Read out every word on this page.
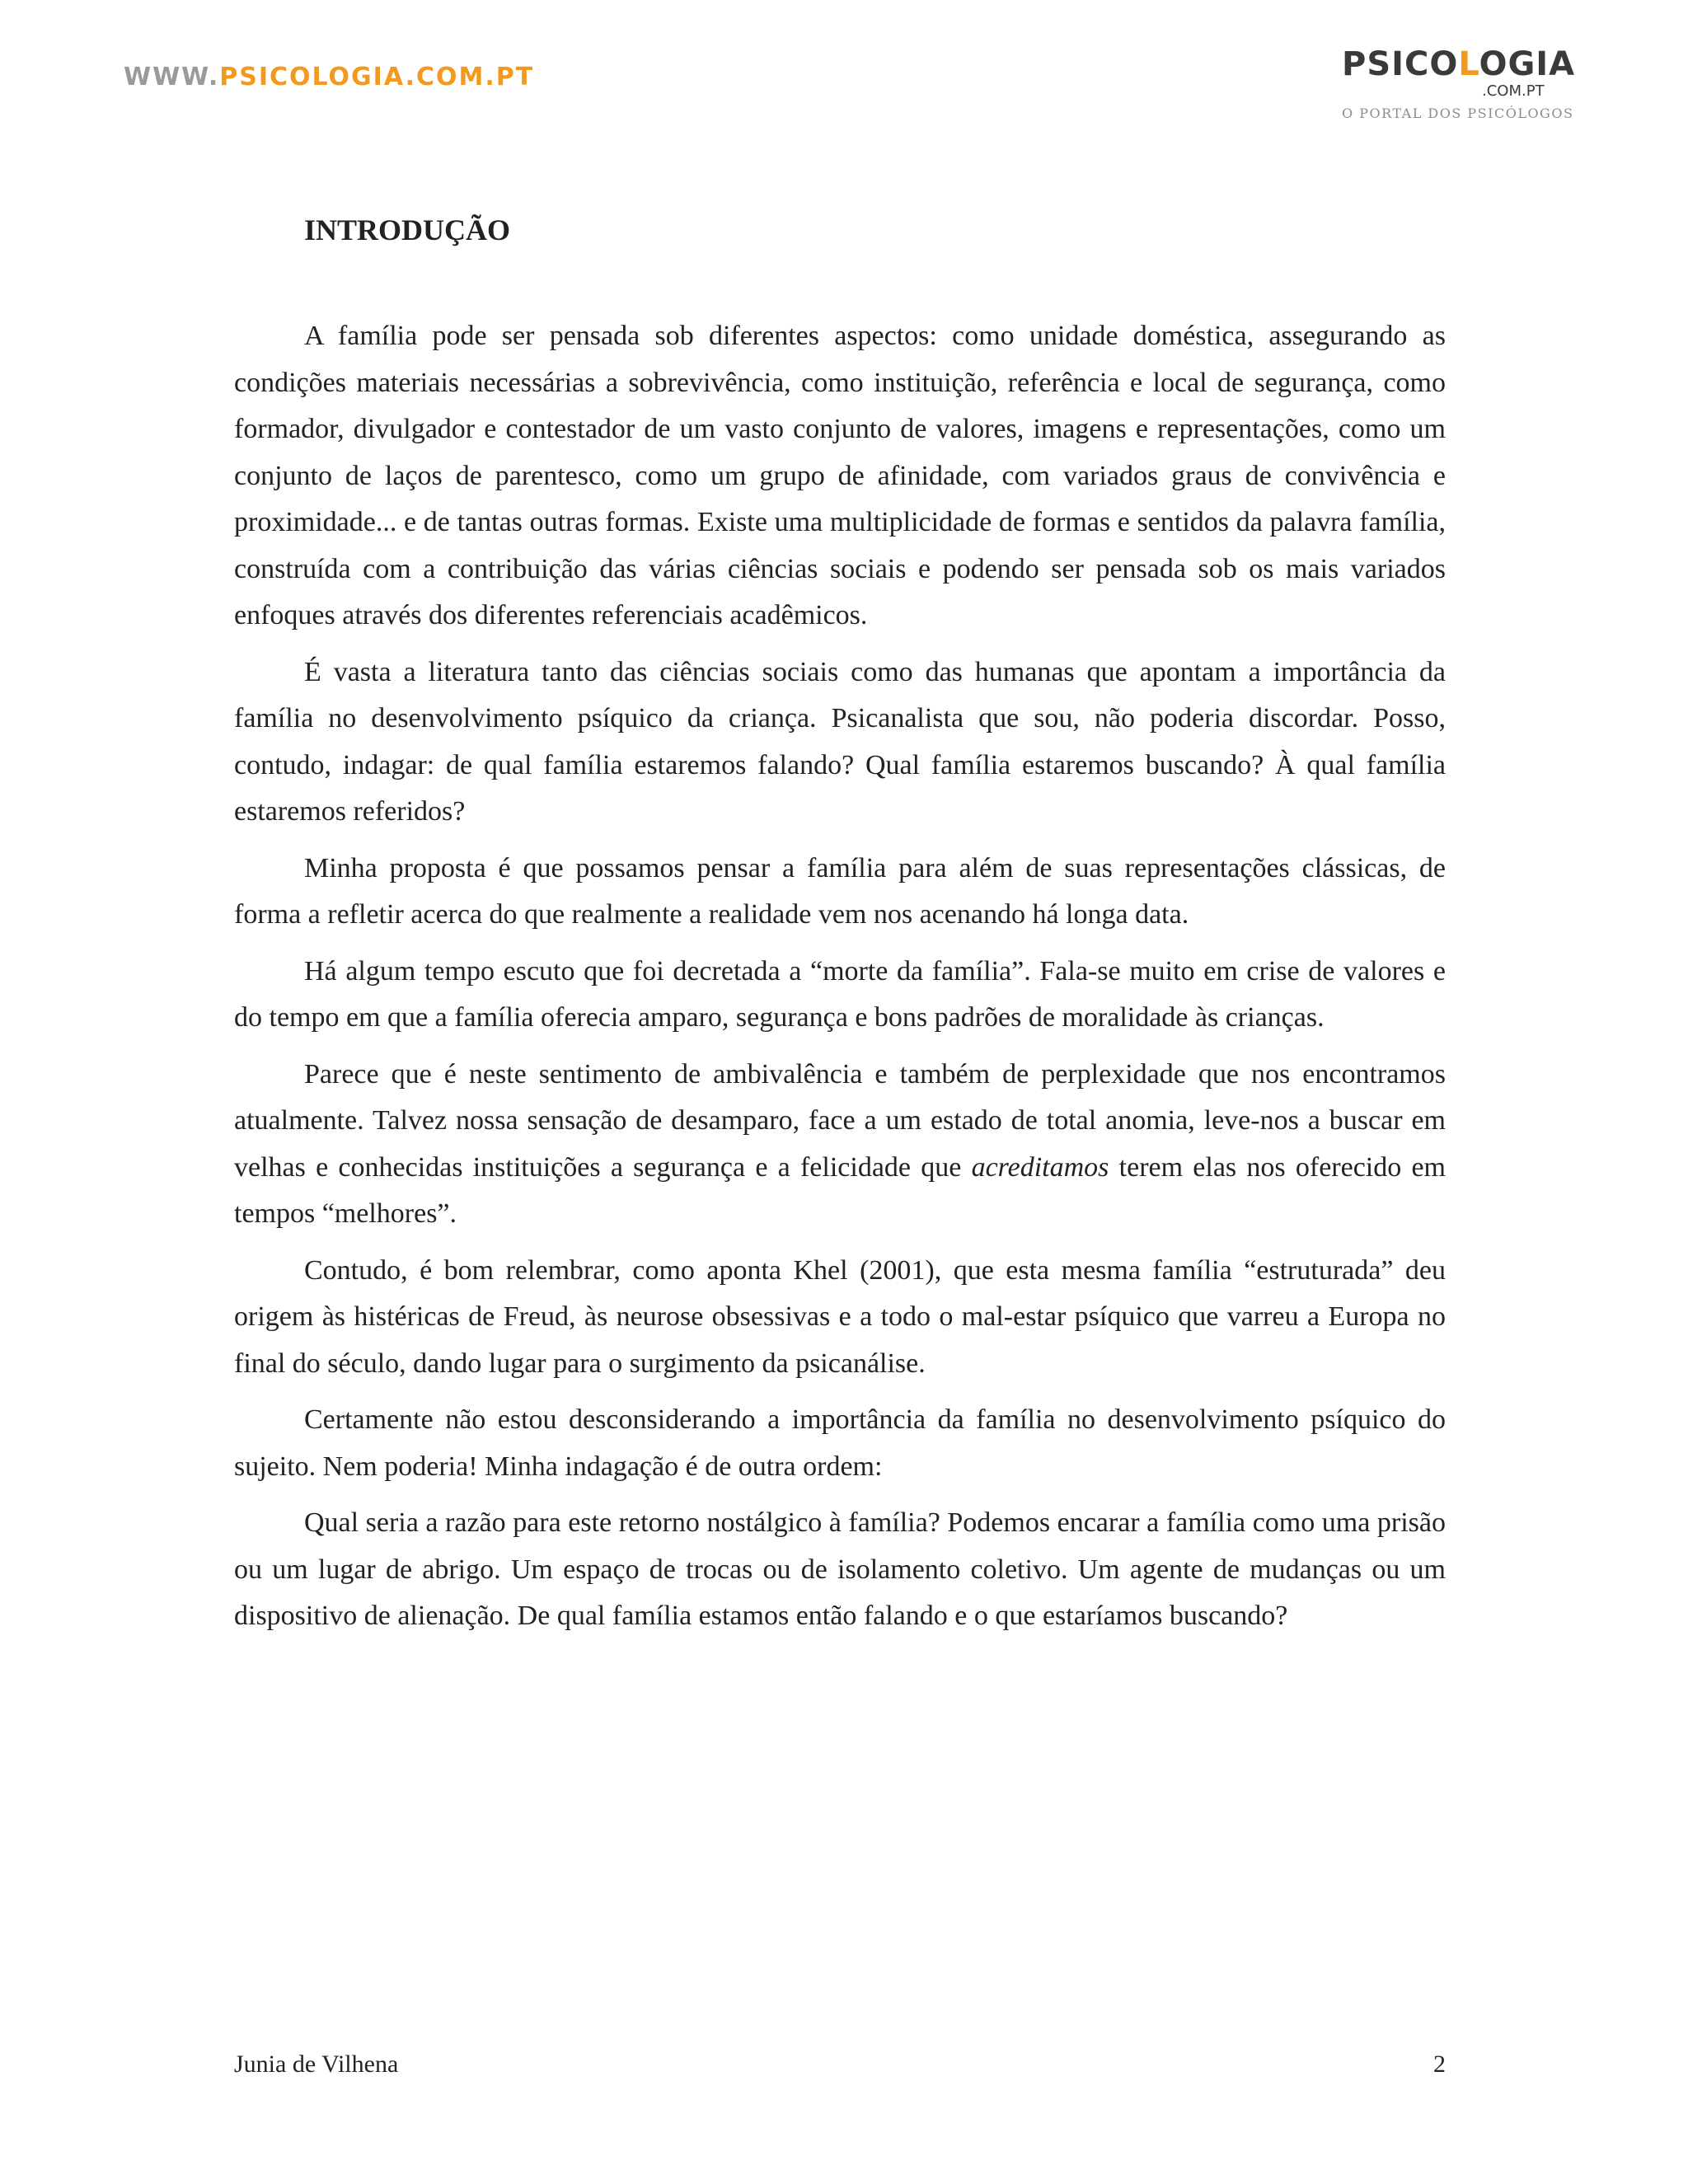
WWW.PSICOLOGIA.COM.PT	PSICOLOGIA
.COM.PT
O PORTAL DOS PSICÓLOGOS
INTRODUÇÃO

A família pode ser pensada sob diferentes aspectos: como unidade doméstica, assegurando as condições materiais necessárias a sobrevivência, como instituição, referência e local de segurança, como formador, divulgador e contestador de um vasto conjunto de valores, imagens e representações, como um conjunto de laços de parentesco, como um grupo de afinidade, com variados graus de convivência e proximidade... e de tantas outras formas. Existe uma multiplicidade de formas e sentidos da palavra família, construída com a contribuição das várias ciências sociais e podendo ser pensada sob os mais variados enfoques através dos diferentes referenciais acadêmicos.

É vasta a literatura tanto das ciências sociais como das humanas que apontam a importância da família no desenvolvimento psíquico da criança. Psicanalista que sou, não poderia discordar. Posso, contudo, indagar: de qual família estaremos falando? Qual família estaremos buscando? À qual família estaremos referidos?

Minha proposta é que possamos pensar a família para além de suas representações clássicas, de forma a refletir acerca do que realmente a realidade vem nos acenando há longa data.

Há algum tempo escuto que foi decretada a “morte da família”. Fala-se muito em crise de valores e do tempo em que a família oferecia amparo, segurança e bons padrões de moralidade às crianças.

Parece que é neste sentimento de ambivalência e também de perplexidade que nos encontramos atualmente. Talvez nossa sensação de desamparo, face a um estado de total anomia, leve-nos a buscar em velhas e conhecidas instituições a segurança e a felicidade que acreditamos terem elas nos oferecido em tempos “melhores”.

Contudo, é bom relembrar, como aponta Khel (2001), que esta mesma família “estruturada” deu origem às histéricas de Freud, às neurose obsessivas e a todo o mal-estar psíquico que varreu a Europa no final do século, dando lugar para o surgimento da psicanálise.

Certamente não estou desconsiderando a importância da família no desenvolvimento psíquico do sujeito. Nem poderia! Minha indagação é de outra ordem:

Qual seria a razão para este retorno nostálgico à família? Podemos encarar a família como uma prisão ou um lugar de abrigo. Um espaço de trocas ou de isolamento coletivo. Um agente de mudanças ou um dispositivo de alienação. De qual família estamos então falando e o que estaríamos buscando?

Junia de Vilhena	2
